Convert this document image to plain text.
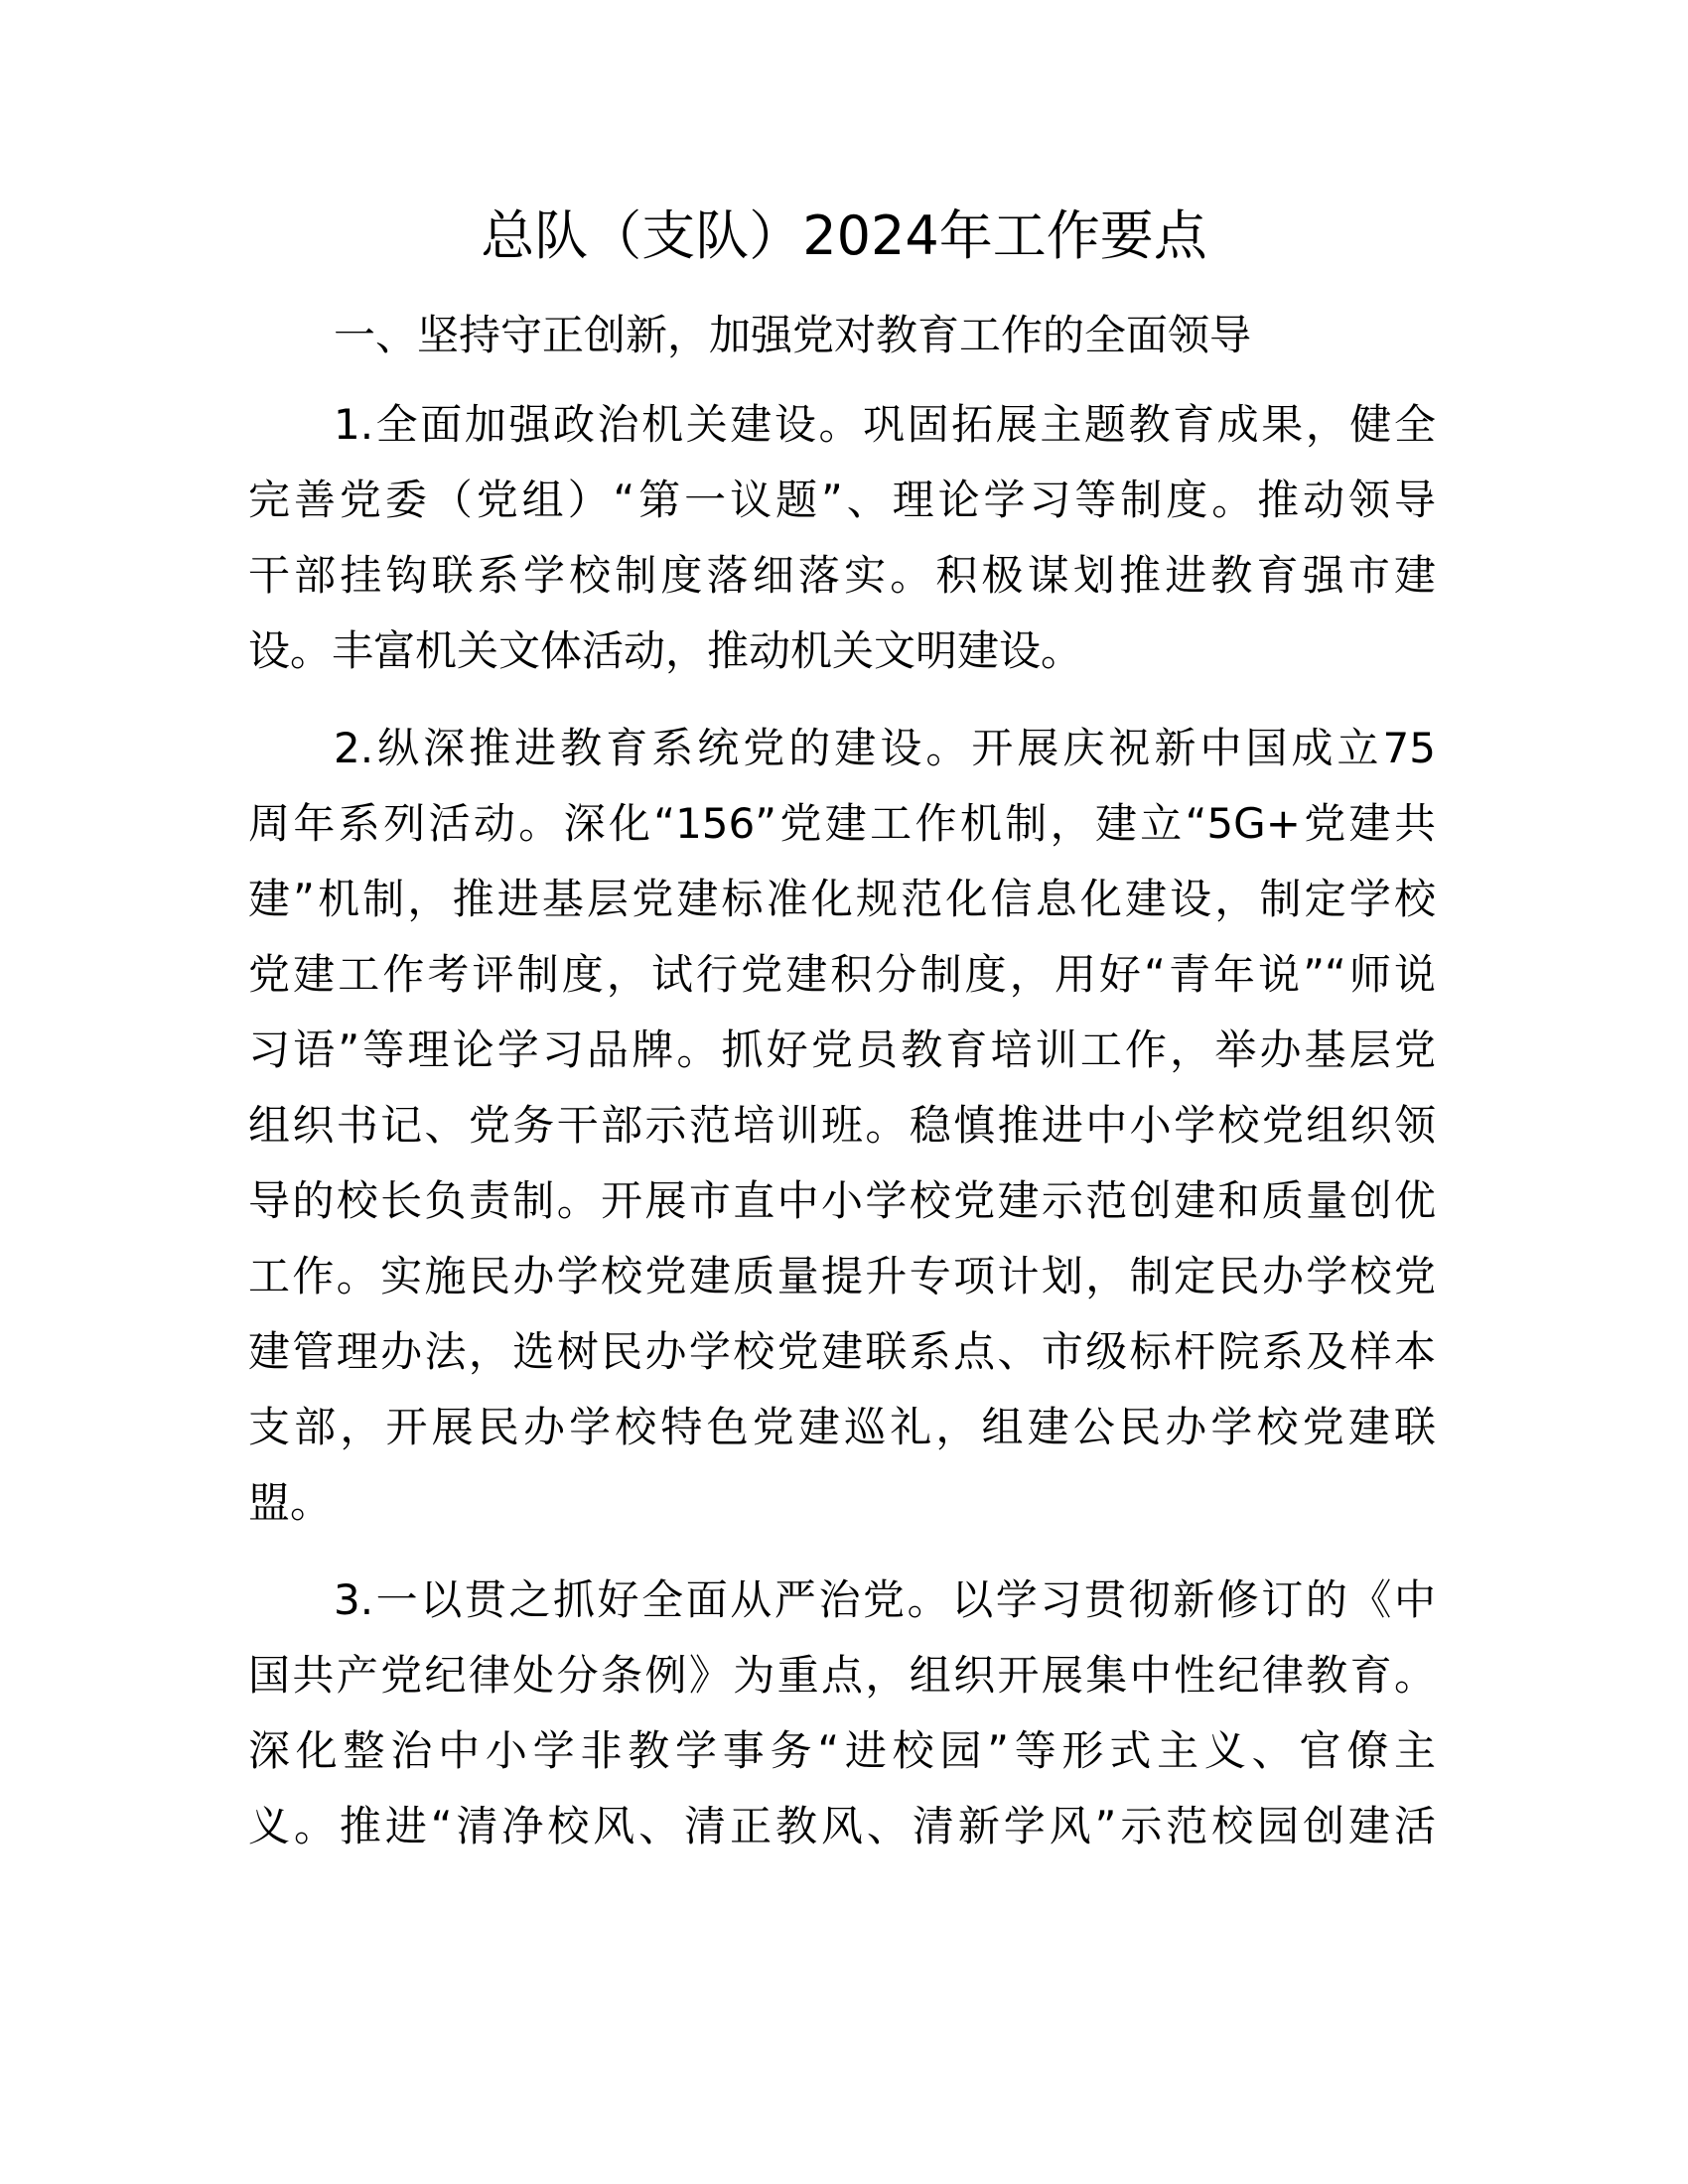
总队（支队）2024年工作要点
一、坚持守正创新，加强党对教育工作的全面领导
1.全面加强政治机关建设。巩固拓展主题教育成果，健全
完善党委（党组）“第一议题”、理论学习等制度。推动领导
干部挂钩联系学校制度落细落实。积极谋划推进教育强市建
设。丰富机关文体活动，推动机关文明建设。
2.纵深推进教育系统党的建设。开展庆祝新中国成立75
周年系列活动。深化“156”党建工作机制，建立“5G+党建共
建”机制，推进基层党建标准化规范化信息化建设，制定学校
党建工作考评制度，试行党建积分制度，用好“青年说”“师说
习语”等理论学习品牌。抓好党员教育培训工作，举办基层党
组织书记、党务干部示范培训班。稳慎推进中小学校党组织领
导的校长负责制。开展市直中小学校党建示范创建和质量创优
工作。实施民办学校党建质量提升专项计划，制定民办学校党
建管理办法，选树民办学校党建联系点、市级标杆院系及样本
支部，开展民办学校特色党建巡礼，组建公民办学校党建联
盟。
3.一以贯之抓好全面从严治党。以学习贯彻新修订的《中
国共产党纪律处分条例》为重点，组织开展集中性纪律教育。
深化整治中小学非教学事务“进校园”等形式主义、官僚主
义。推进“清净校风、清正教风、清新学风”示范校园创建活
